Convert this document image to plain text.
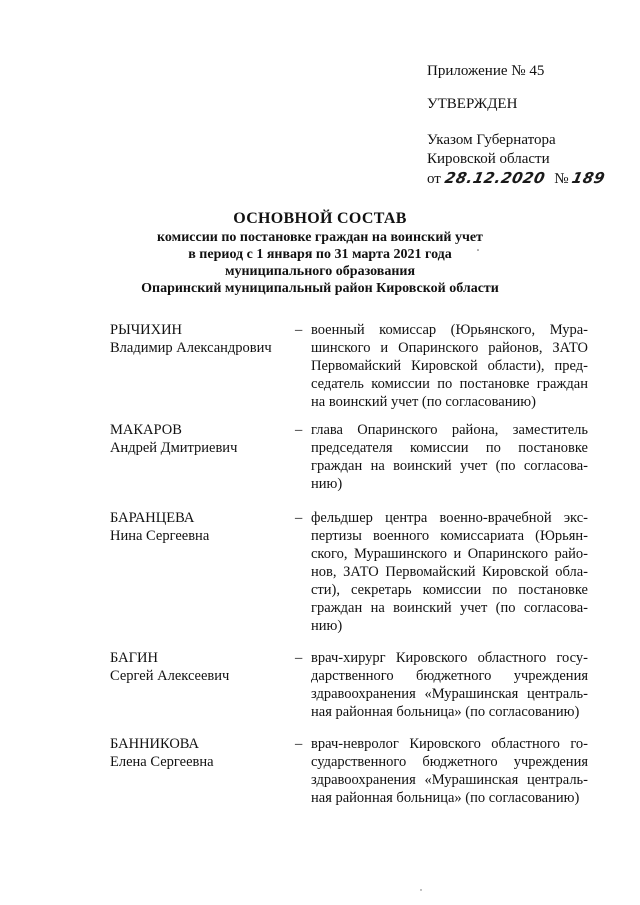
Приложение № 45
УТВЕРЖДЕН
Указом Губернатора
Кировской области
от 28.12.2020 № 189
ОСНОВНОЙ СОСТАВ
комиссии по постановке граждан на воинский учет
в период с 1 января по 31 марта 2021 года
муниципального образования
Опаринский муниципальный район Кировской области
РЫЧИХИН
Владимир Александрович
– военный комиссар (Юрьянского, Мура-
шинского и Опаринского районов, ЗАТО
Первомайский Кировской области), пред-
седатель комиссии по постановке граждан
на воинский учет (по согласованию)
МАКАРОВ
Андрей Дмитриевич
– глава Опаринского района, заместитель
председателя комиссии по постановке
граждан на воинский учет (по согласова-
нию)
БАРАНЦЕВА
Нина Сергеевна
– фельдшер центра военно-врачебной экс-
пертизы военного комиссариата (Юрьян-
ского, Мурашинского и Опаринского райо-
нов, ЗАТО Первомайский Кировской обла-
сти), секретарь комиссии по постановке
граждан на воинский учет (по согласова-
нию)
БАГИН
Сергей Алексеевич
– врач-хирург Кировского областного госу-
дарственного бюджетного учреждения
здравоохранения «Мурашинская централь-
ная районная больница» (по согласованию)
БАННИКОВА
Елена Сергеевна
– врач-невролог Кировского областного го-
сударственного бюджетного учреждения
здравоохранения «Мурашинская централь-
ная районная больница» (по согласованию)
